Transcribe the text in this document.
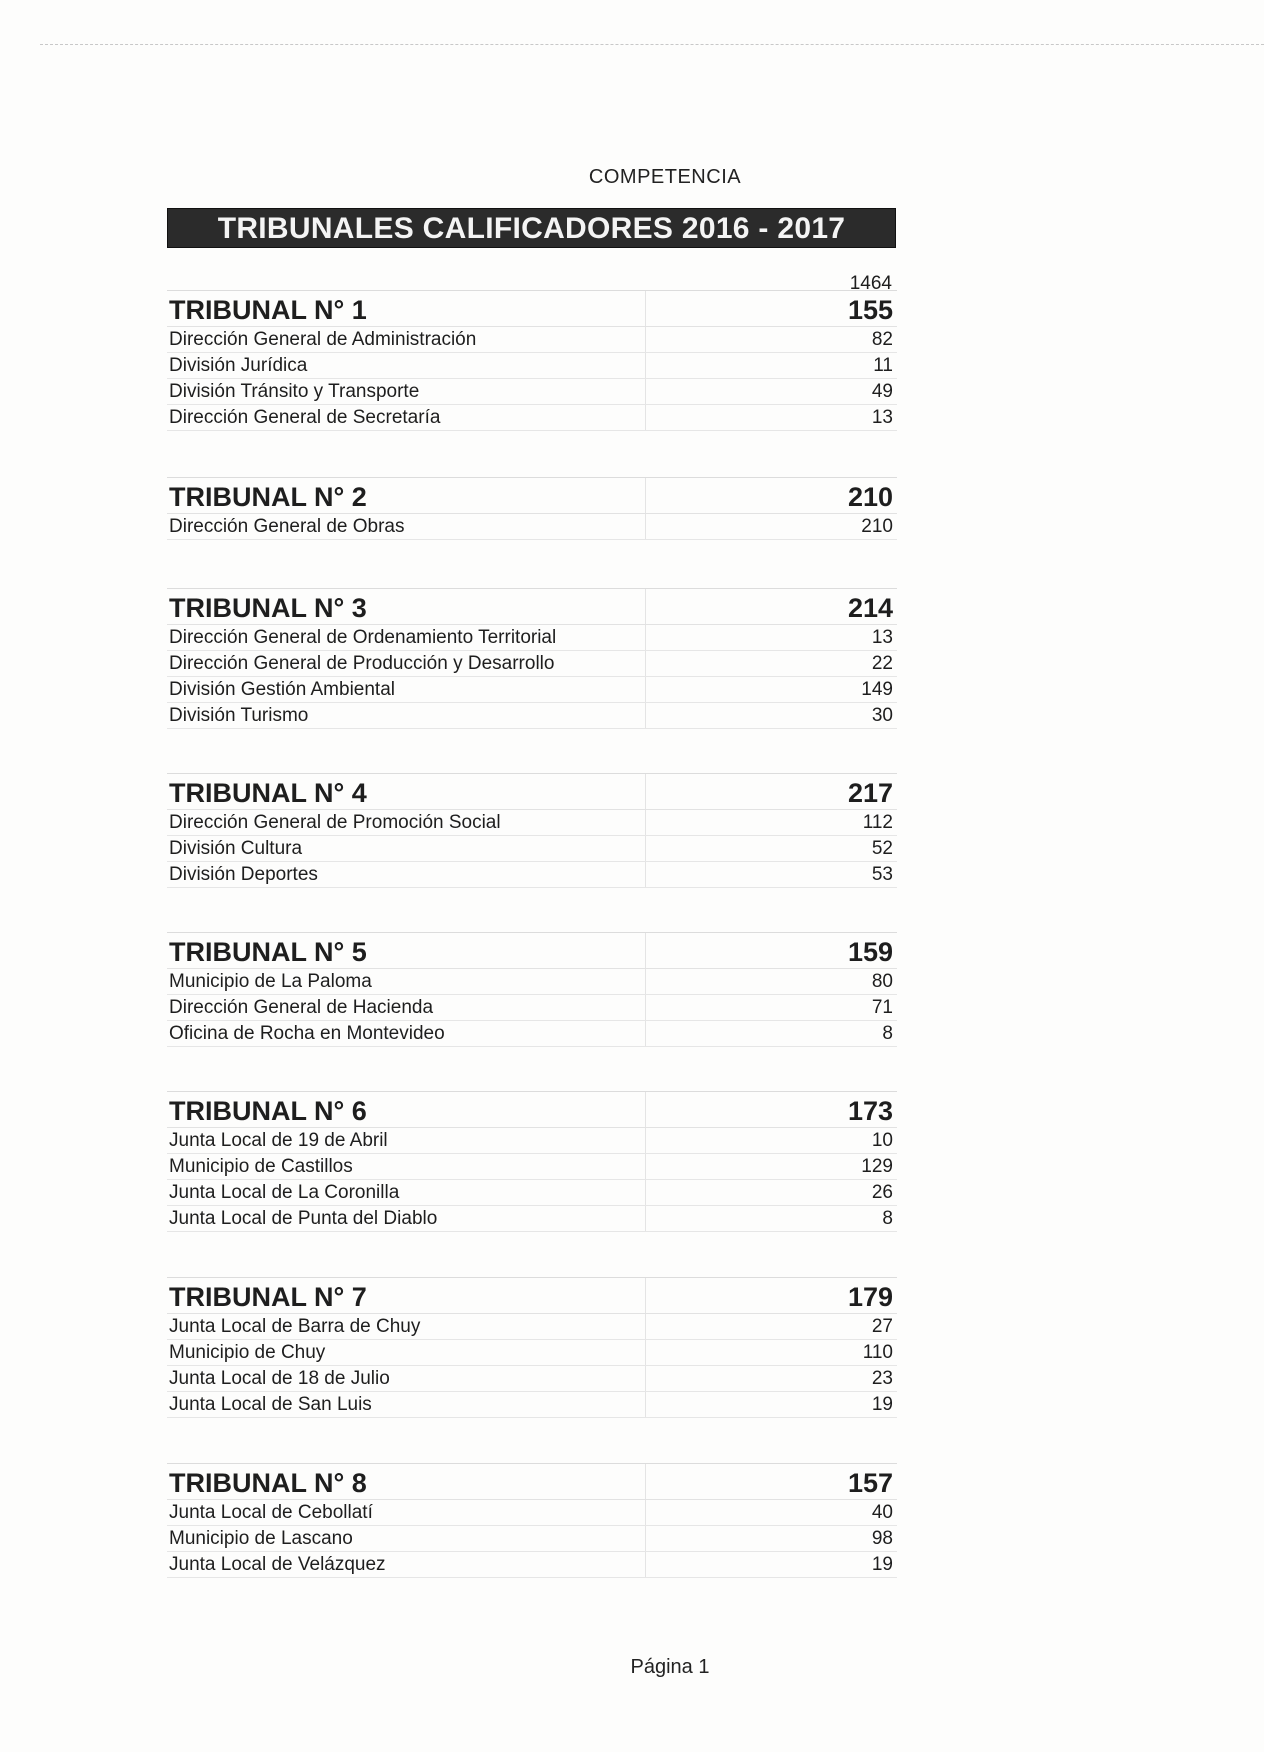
COMPETENCIA
TRIBUNALES CALIFICADORES 2016 - 2017
1464
TRIBUNAL N° 1	155
Dirección General de Administración	82
División Jurídica	11
División Tránsito y Transporte	49
Dirección General de Secretaría	13
TRIBUNAL N° 2	210
Dirección General de Obras	210
TRIBUNAL N° 3	214
Dirección General de Ordenamiento Territorial	13
Dirección General de Producción y Desarrollo	22
División Gestión Ambiental	149
División Turismo	30
TRIBUNAL N° 4	217
Dirección General de Promoción Social	112
División Cultura	52
División Deportes	53
TRIBUNAL N° 5	159
Municipio de La Paloma	80
Dirección General de Hacienda	71
Oficina de Rocha en Montevideo	8
TRIBUNAL N° 6	173
Junta Local de 19 de Abril	10
Municipio de Castillos	129
Junta Local de La Coronilla	26
Junta Local de Punta del Diablo	8
TRIBUNAL N° 7	179
Junta Local de Barra de Chuy	27
Municipio de Chuy	110
Junta Local de 18 de Julio	23
Junta Local de San Luis	19
TRIBUNAL N° 8	157
Junta Local de Cebollatí	40
Municipio de Lascano	98
Junta Local de Velázquez	19
Página 1
